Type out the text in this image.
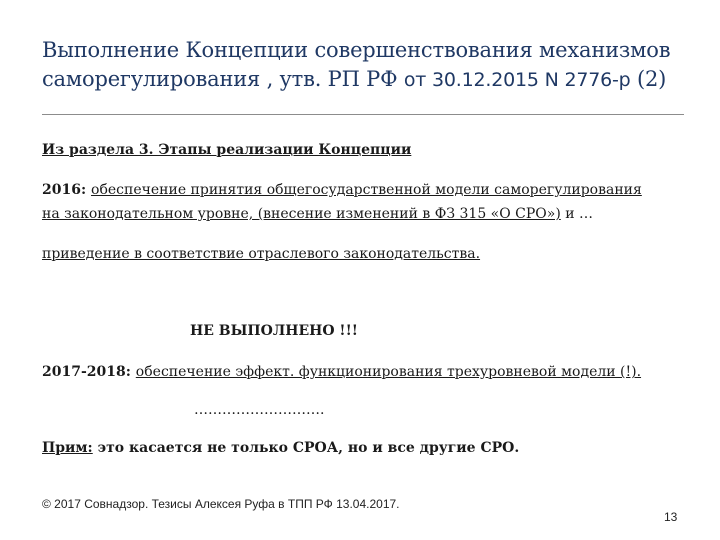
Выполнение Концепции совершенствования механизмов
саморегулирования , утв. РП РФ от 30.12.2015 N 2776-р (2)
Из раздела 3. Этапы реализации Концепции
2016: обеспечение принятия общегосударственной модели саморегулирования
на законодательном уровне, (внесение изменений в ФЗ 315 «О СРО») и …
приведение в соответствие отраслевого законодательства.
НЕ ВЫПОЛНЕНО !!!
2017-2018: обеспечение эффект. функционирования трехуровневой модели (!).
……………………….
Прим: это касается не только СРОА, но и все другие СРО.
© 2017 Совнадзор. Тезисы Алексея Руфа в ТПП РФ 13.04.2017.
13
